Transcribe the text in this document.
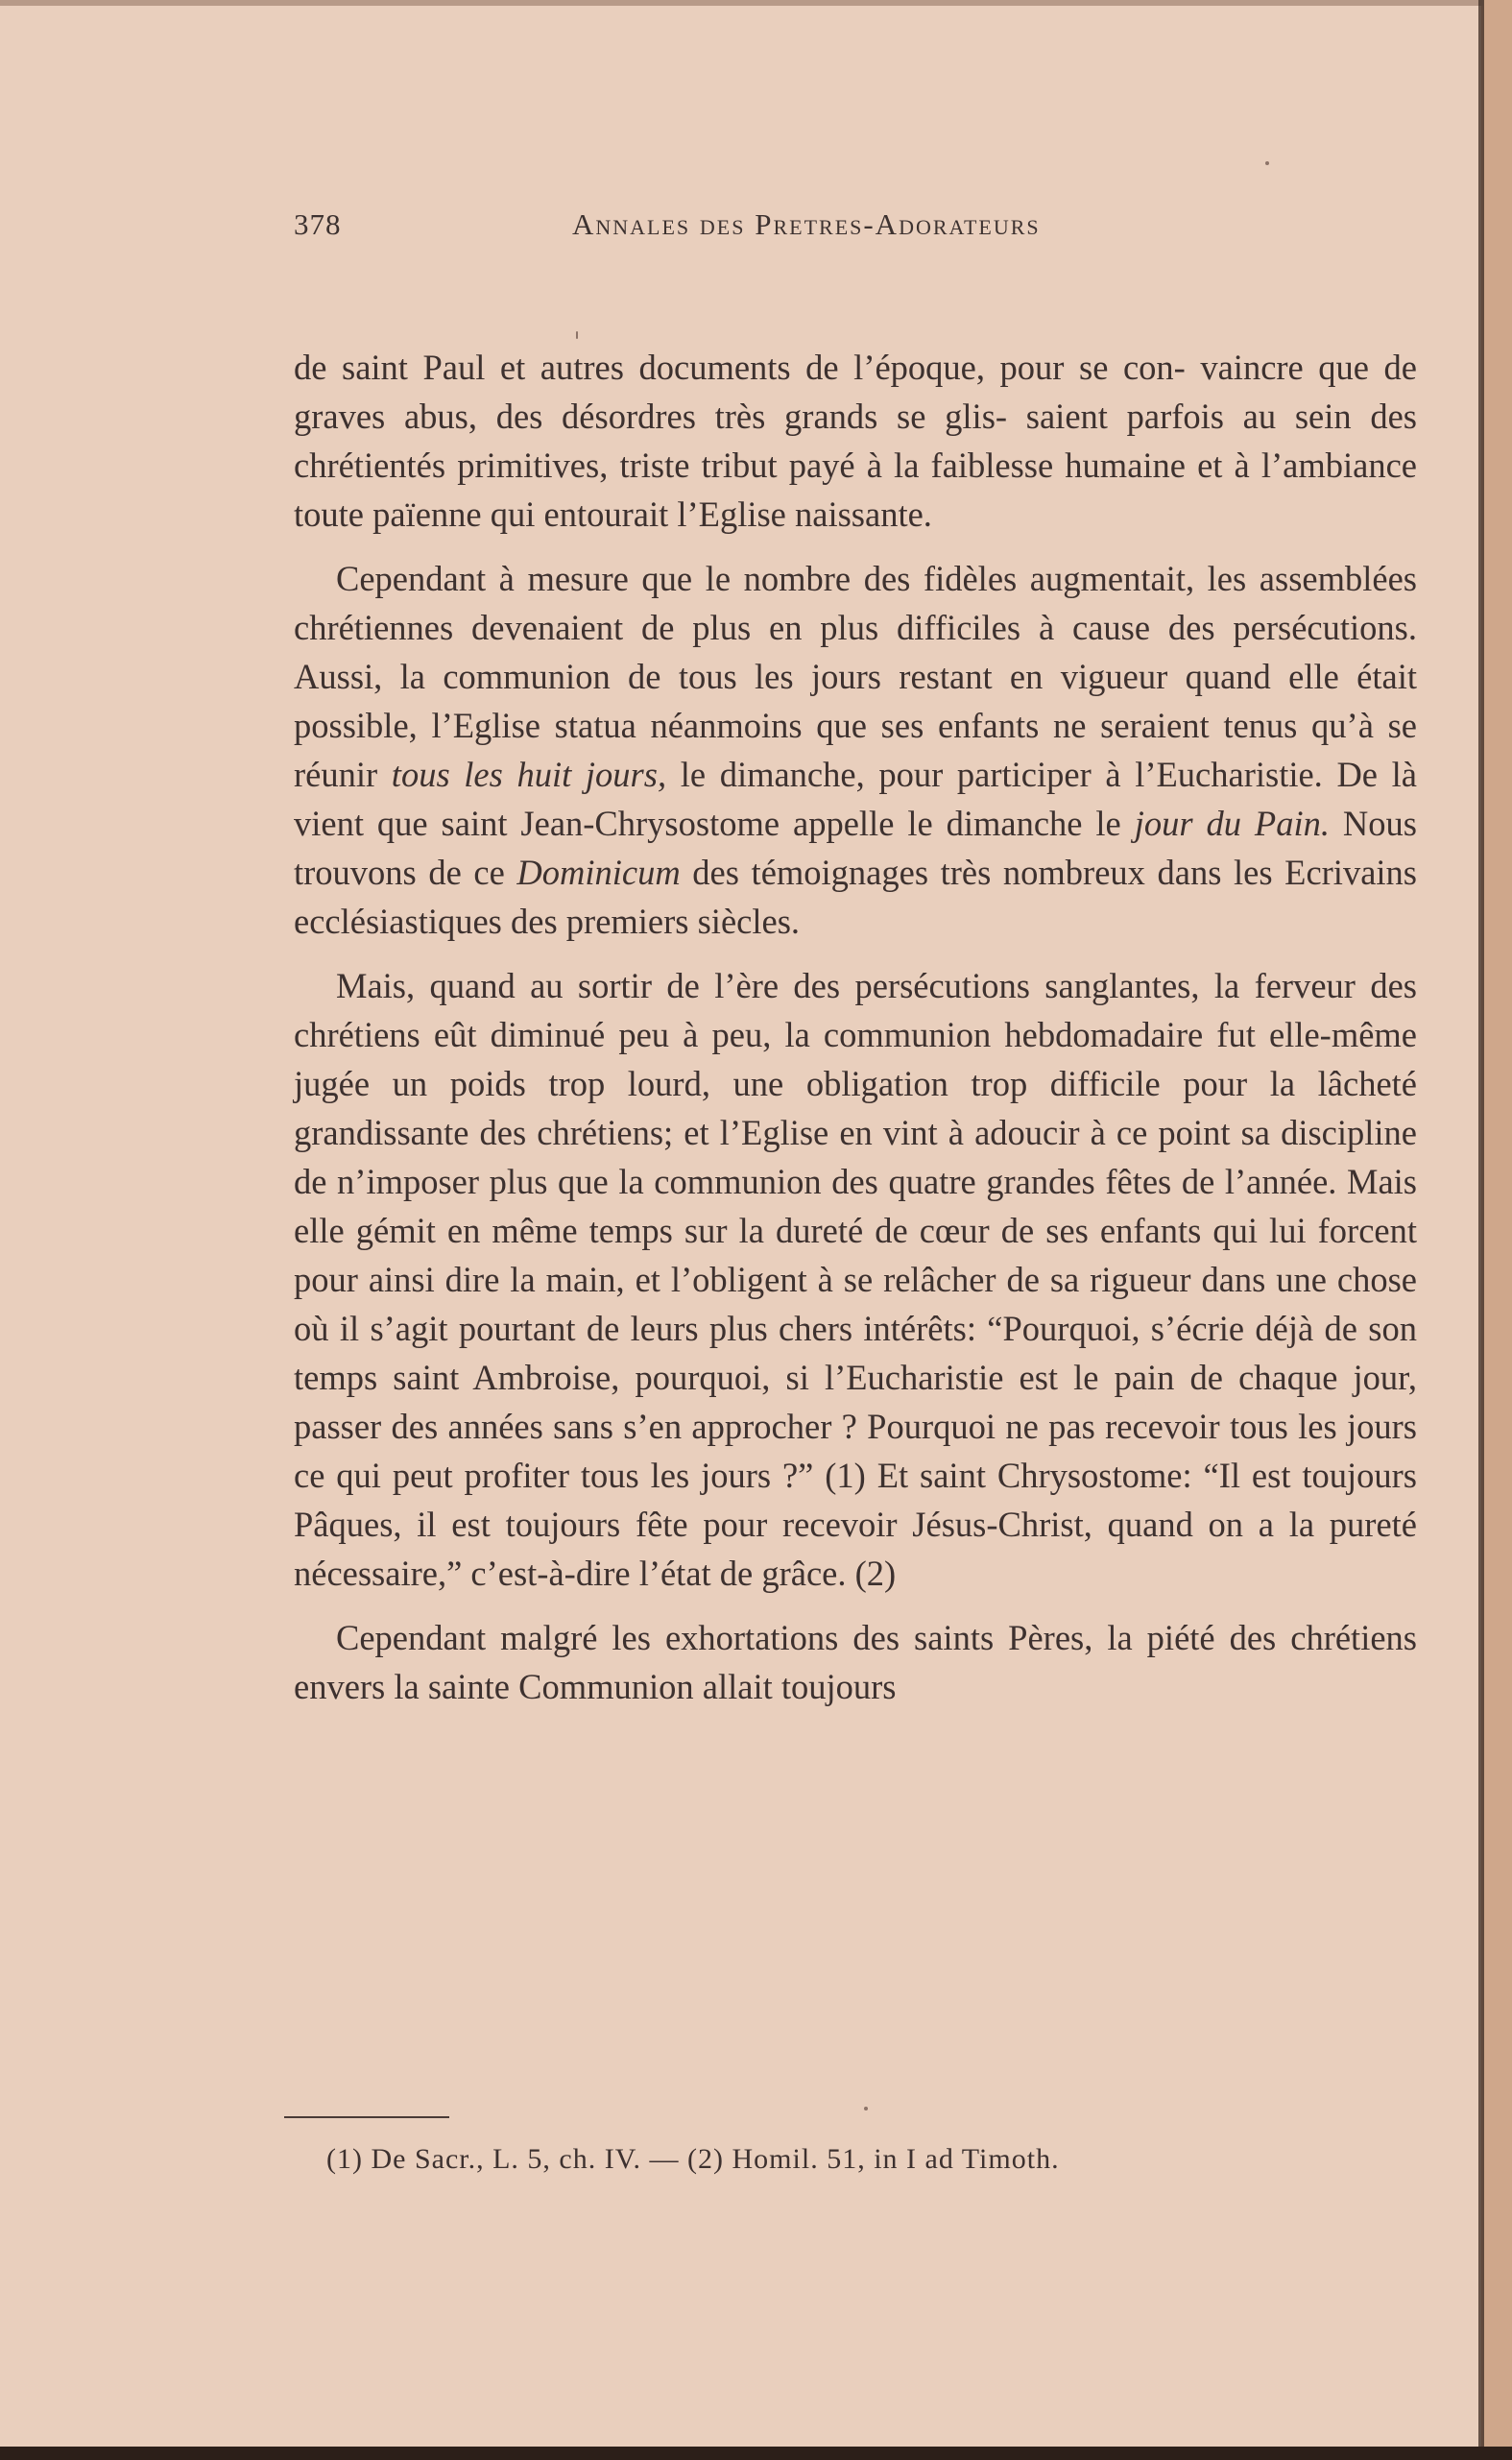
378	Annales des Pretres-Adorateurs

de saint Paul et autres documents de l’époque, pour se con- vaincre que de graves abus, des désordres très grands se glis- saient parfois au sein des chrétientés primitives, triste tribut payé à la faiblesse humaine et à l’ambiance toute païenne qui entourait l’Eglise naissante.

Cependant à mesure que le nombre des fidèles augmentait, les assemblées chrétiennes devenaient de plus en plus difficiles à cause des persécutions. Aussi, la communion de tous les jours restant en vigueur quand elle était possible, l’Eglise statua néanmoins que ses enfants ne seraient tenus qu’à se réunir tous les huit jours, le dimanche, pour participer à l’Eucharistie. De là vient que saint Jean-Chrysostome appelle le dimanche le jour du Pain. Nous trouvons de ce Dominicum des témoignages très nombreux dans les Ecrivains ecclésiastiques des premiers siècles.

Mais, quand au sortir de l’ère des persécutions sanglantes, la ferveur des chrétiens eût diminué peu à peu, la communion hebdomadaire fut elle-même jugée un poids trop lourd, une obligation trop difficile pour la lâcheté grandissante des chrétiens; et l’Eglise en vint à adoucir à ce point sa discipline de n’imposer plus que la communion des quatre grandes fêtes de l’année. Mais elle gémit en même temps sur la dureté de cœur de ses enfants qui lui forcent pour ainsi dire la main, et l’obligent à se relâcher de sa rigueur dans une chose où il s’agit pourtant de leurs plus chers intérêts: “Pourquoi, s’écrie déjà de son temps saint Ambroise, pourquoi, si l’Eucharistie est le pain de chaque jour, passer des années sans s’en approcher ? Pourquoi ne pas recevoir tous les jours ce qui peut profiter tous les jours ?” (1) Et saint Chrysostome: “Il est toujours Pâques, il est toujours fête pour recevoir Jésus-Christ, quand on a la pureté nécessaire,” c’est-à-dire l’état de grâce. (2)

Cependant malgré les exhortations des saints Pères, la piété des chrétiens envers la sainte Communion allait toujours

(1) De Sacr., L. 5, ch. IV. — (2) Homil. 51, in I ad Timoth.
